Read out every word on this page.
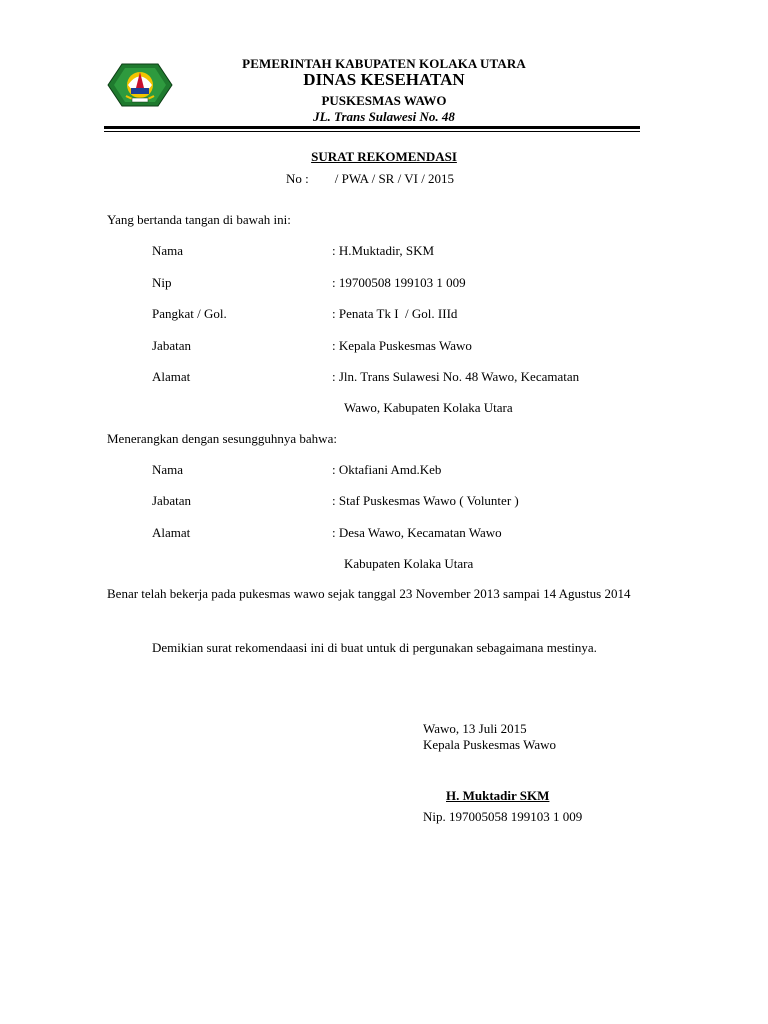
PEMERINTAH KABUPATEN KOLAKA UTARA
DINAS KESEHATAN
PUSKESMAS WAWO
JL. Trans Sulawesi No. 48
SURAT REKOMENDASI
No :        / PWA / SR / VI / 2015
Yang bertanda tangan di bawah ini:
Nama	: H.Muktadir, SKM
Nip	: 19700508 199103 1 009
Pangkat / Gol.	: Penata Tk I  / Gol. IIId
Jabatan	: Kepala Puskesmas Wawo
Alamat	: Jln. Trans Sulawesi No. 48 Wawo, Kecamatan
Wawo, Kabupaten Kolaka Utara
Menerangkan dengan sesungguhnya bahwa:
Nama	: Oktafiani Amd.Keb
Jabatan	: Staf Puskesmas Wawo ( Volunter )
Alamat	: Desa Wawo, Kecamatan Wawo
Kabupaten Kolaka Utara
Benar telah bekerja pada pukesmas wawo sejak tanggal 23 November 2013 sampai 14 Agustus 2014
Demikian surat rekomendaasi ini di buat untuk di pergunakan sebagaimana mestinya.
Wawo, 13 Juli 2015
Kepala Puskesmas Wawo
H. Muktadir SKM
Nip. 197005058 199103 1 009
